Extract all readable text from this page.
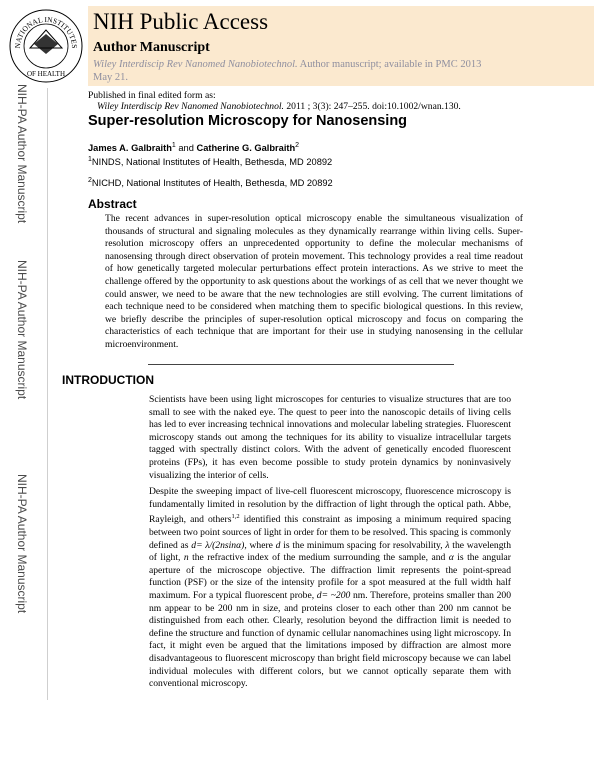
NATIONAL INSTITUTES
OF HEALTH
NIH Public Access
Author Manuscript
Wiley Interdiscip Rev Nanomed Nanobiotechnol. Author manuscript; available in PMC 2013 May 21.
NIH-PA Author Manuscript
NIH-PA Author Manuscript
NIH-PA Author Manuscript
Published in final edited form as:
Wiley Interdiscip Rev Nanomed Nanobiotechnol. 2011 ; 3(3): 247–255. doi:10.1002/wnan.130.
Super-resolution Microscopy for Nanosensing
James A. Galbraith$^1$ and Catherine G. Galbraith$^2$
$^1$NINDS, National Institutes of Health, Bethesda, MD 20892
$^2$NICHD, National Institutes of Health, Bethesda, MD 20892
Abstract

The recent advances in super-resolution optical microscopy enable the simultaneous visualization of thousands of structural and signaling molecules as they dynamically rearrange within living cells. Super-resolution microscopy offers an unprecedented opportunity to define the molecular mechanisms of nanosensing through direct observation of protein movement. This technology provides a real time readout of how genetically targeted molecular perturbations effect protein interactions. As we strive to meet the challenge offered by the opportunity to ask questions about the workings of as cell that we never thought we could answer, we need to be aware that the new technologies are still evolving. The current limitations of each technique need to be considered when matching them to specific biological questions. In this review, we briefly describe the principles of super-resolution optical microscopy and focus on comparing the characteristics of each technique that are important for their use in studying nanosensing in the cellular microenvironment.

INTRODUCTION

Scientists have been using light microscopes for centuries to visualize structures that are too small to see with the naked eye. The quest to peer into the nanoscopic details of living cells has led to ever increasing technical innovations and molecular labeling strategies. Fluorescent microscopy stands out among the techniques for its ability to visualize intracellular targets tagged with spectrally distinct colors. With the advent of genetically encoded fluorescent proteins (FPs), it has even become possible to study protein dynamics by noninvasively visualizing the interior of cells.

Despite the sweeping impact of live-cell fluorescent microscopy, fluorescence microscopy is fundamentally limited in resolution by the diffraction of light through the optical path. Abbe, Rayleigh, and others$^{1,2}$ identified this constraint as imposing a minimum required spacing between two point sources of light in order for them to be resolved. This spacing is commonly defined as d= λ/(2nsinα), where d is the minimum spacing for resolvability, λ the wavelength of light, n the refractive index of the medium surrounding the sample, and α is the angular aperture of the microscope objective. The diffraction limit represents the point-spread function (PSF) or the size of the intensity profile for a spot measured at the full width half maximum. For a typical fluorescent probe, d= ~200 nm. Therefore, proteins smaller than 200 nm appear to be 200 nm in size, and proteins closer to each other than 200 nm cannot be distinguished from each other. Clearly, resolution beyond the diffraction limit is needed to define the structure and function of dynamic cellular nanomachines using light microscopy. In fact, it might even be argued that the limitations imposed by diffraction are almost more disadvantageous to fluorescent microscopy than bright field microscopy because we can label individual molecules with different colors, but we cannot optically separate them with conventional microscopy.
